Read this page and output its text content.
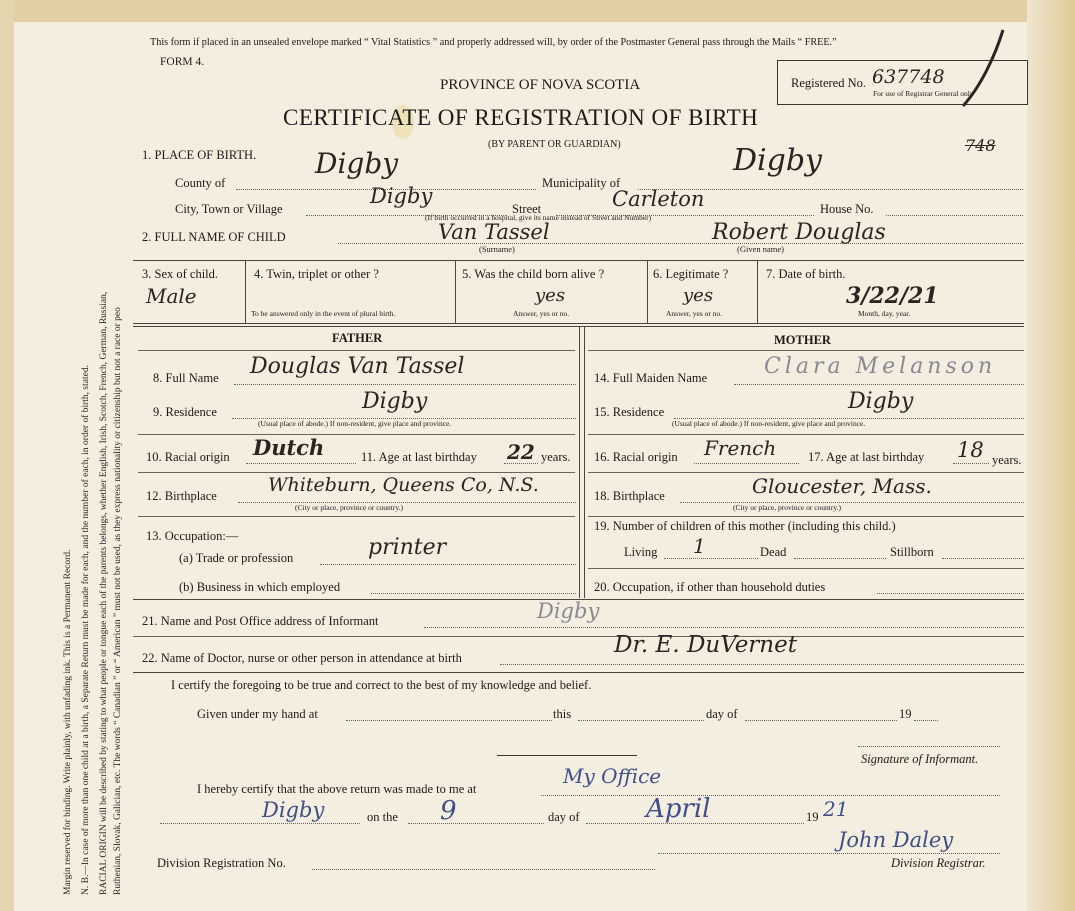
Margin reserved for binding. Write plainly, with unfading ink. This is a Permanent Record. N. B.—In case of more than one child at a birth, a Separate Return must be made for each, and the number of each, in order of birth, stated. RACIAL ORIGIN will be described by stating to what people or tongue each of the parents belongs, whether English, Irish, Scotch, French, German, Russian, Ruthenian, Slovak, Galician, etc. The words “ Canadian ” or “ American ” must not be used, as they express nationality or citizenship but not a race or peo
This form if placed in an unsealed envelope marked “ Vital Statistics ” and properly addressed will, by order of the Postmaster General pass through the Mails “ FREE.”
FORM 4.
PROVINCE OF NOVA SCOTIA
CERTIFICATE OF REGISTRATION OF BIRTH
(BY PARENT OR GUARDIAN)
Registered No. 637748
For use of Registrar General only
748
1. PLACE OF BIRTH.
County of
Digby
Municipality of
Digby
City, Town or Village
Digby
Street	Carleton	House No.
(If birth occurred in a hospital, give its name instead of Street and Number)
2. FULL NAME OF CHILD	Van Tassel
(Surname)
Robert Douglas
(Given name)
3. Sex of child.
Male
4. Twin, triplet or other ?
To be answered only in the event of plural birth.
5. Was the child born alive ?
yes
Answer, yes or no.
6. Legitimate ?
yes
Answer, yes or no.
7. Date of birth.
3/22/21
Month, day, year.
FATHER	MOTHER
8. Full Name Douglas Van Tassel
9. Residence	Digby
(Usual place of abode.) If non-resident, give place and province.
10. Racial origin Dutch	11. Age at last birthday 22 years.
12. Birthplace	Whiteburn, Queens Co, N.S.
(City or place, province or country.)
13. Occupation:—
(a) Trade or profession	printer
(b) Business in which employed
14. Full Maiden Name	Clara Melanson
15. Residence	Digby
(Usual place of abode.) If non-resident, give place and province.
16. Racial origin French	17. Age at last birthday 18 years.
18. Birthplace	Gloucester, Mass.
(City or place, province or country.)
19. Number of children of this mother (including this child.)
Living 1	Dead	Stillborn
20. Occupation, if other than household duties
21. Name and Post Office address of Informant	Digby
22. Name of Doctor, nurse or other person in attendance at birth	Dr. E. DuVernet
I certify the foregoing to be true and correct to the best of my knowledge and belief.
Given under my hand at	this	day of	19
Signature of Informant.
I hereby certify that the above return was made to me at
My Office
Digby	on the 9	day of	April	19 21
Division Registration No.
John Daley
Division Registrar.
